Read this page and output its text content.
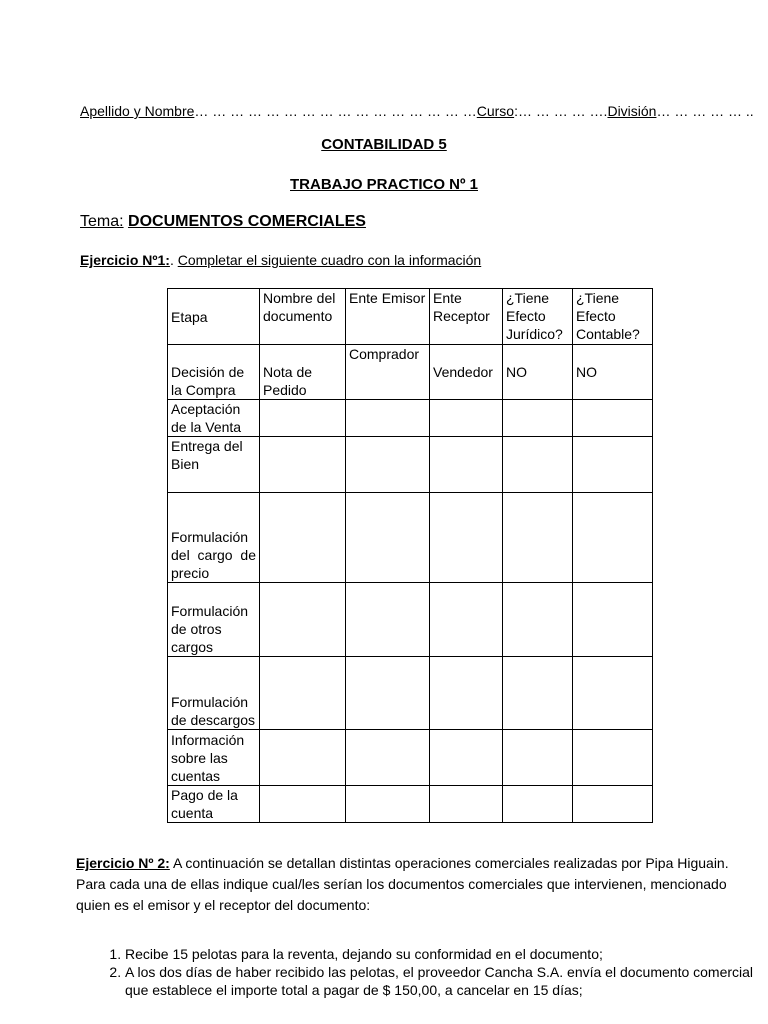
Apellido y Nombre… … … … … … … … … … … … … … … …Curso:… … … … ….División… … … … … ..
CONTABILIDAD 5
TRABAJO PRACTICO Nº 1
Tema: DOCUMENTOS COMERCIALES
Ejercicio Nº1:. Completar el siguiente cuadro con la información
Etapa	Nombre del documento	Ente Emisor	Ente Receptor	¿Tiene Efecto Jurídico?	¿Tiene Efecto Contable?
Decisión de la Compra	Nota de Pedido	Comprador	Vendedor	NO	NO
Aceptación de la Venta					
Entrega del Bien					
Formulación del cargo de precio					
Formulación de otros cargos					
Formulación de descargos					
Información sobre las cuentas					
Pago de la cuenta					
Ejercicio Nº 2: A continuación se detallan distintas operaciones comerciales realizadas por Pipa Higuain. Para cada una de ellas indique cual/les serían los documentos comerciales que intervienen, mencionado quien es el emisor y el receptor del documento:
1. Recibe 15 pelotas para la reventa, dejando su conformidad en el documento;
2. A los dos días de haber recibido las pelotas, el proveedor Cancha S.A. envía el documento comercial que establece el importe total a pagar de $ 150,00, a cancelar en 15 días;
